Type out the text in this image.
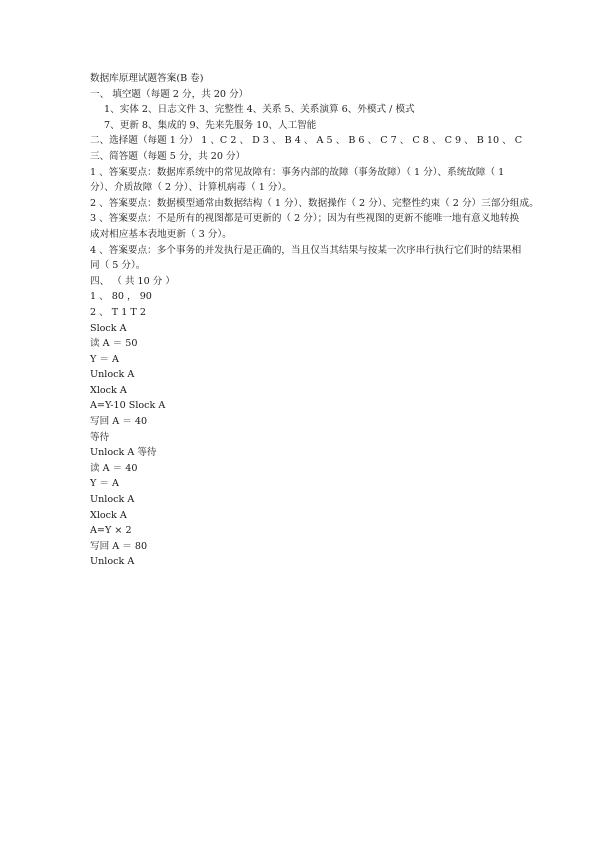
数据库原理试题答案(B 卷)
一、 填空题（每题 2 分，共 20 分）
1、实体 2、日志文件 3、完整性 4、关系 5、关系演算 6、外模式 / 模式
7、更新 8、集成的 9、先来先服务 10、人工智能
二、选择题（每题 1 分） 1 、C 2 、 D 3 、 B 4 、 A 5 、 B 6 、 C 7 、 C 8 、 C 9 、 B 10 、 C
三、简答题（每题 5 分，共 20 分）
1 、答案要点：数据库系统中的常见故障有：事务内部的故障（事务故障）（ 1 分）、系统故障（ 1 分）、介质故障（ 2 分）、计算机病毒（ 1 分）。
2 、答案要点：数据模型通常由数据结构（ 1 分）、数据操作（ 2 分）、完整性约束（ 2 分）三部分组成。
3 、答案要点：不是所有的视图都是可更新的（ 2 分）；因为有些视图的更新不能唯一地有意义地转换成对相应基本表地更新（ 3 分）。
4 、答案要点：多个事务的并发执行是正确的，当且仅当其结果与按某一次序串行执行它们时的结果相同（ 5 分）。
四、 （ 共 10 分 ）
1 、 80 ， 90
2 、 T 1 T 2
Slock A
读 A ＝ 50
Y ＝ A
Unlock A
Xlock A
A=Y-10 Slock A
写回 A ＝ 40
等待
Unlock A 等待
读 A ＝ 40
Y ＝ A
Unlock A
Xlock A
A=Y × 2
写回 A ＝ 80
Unlock A
